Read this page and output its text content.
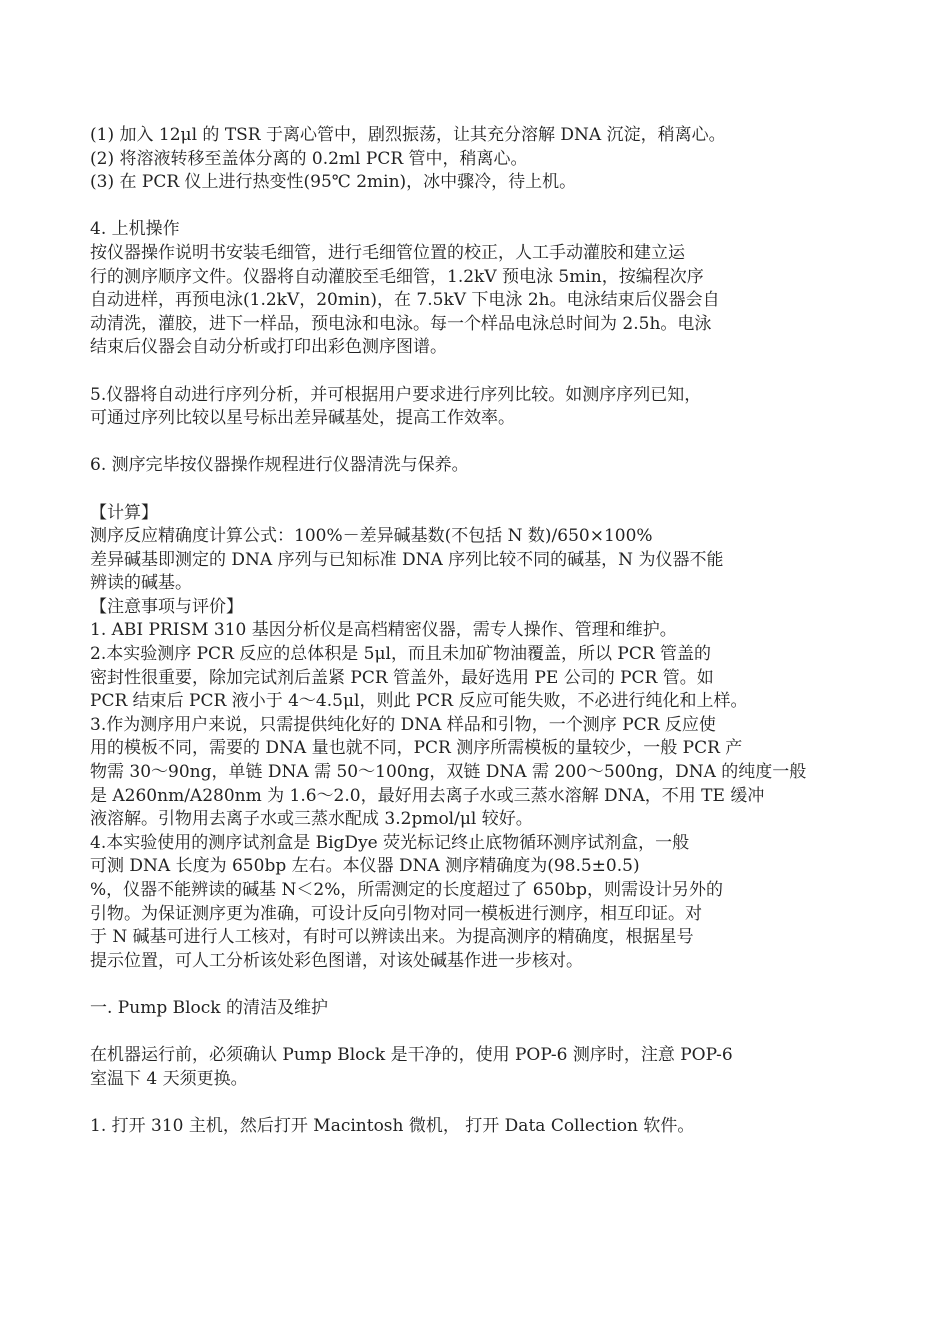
(1) 加入 12μl 的 TSR 于离心管中，剧烈振荡，让其充分溶解 DNA 沉淀，稍离心。
(2) 将溶液转移至盖体分离的 0.2ml PCR 管中，稍离心。
(3) 在 PCR 仪上进行热变性(95℃ 2min)，冰中骤冷，待上机。
4. 上机操作
按仪器操作说明书安装毛细管，进行毛细管位置的校正，人工手动灌胶和建立运
行的测序顺序文件。仪器将自动灌胶至毛细管，1.2kV 预电泳 5min，按编程次序
自动进样，再预电泳(1.2kV，20min)，在 7.5kV 下电泳 2h。电泳结束后仪器会自
动清洗，灌胶，进下一样品，预电泳和电泳。每一个样品电泳总时间为 2.5h。电泳
结束后仪器会自动分析或打印出彩色测序图谱。
5.仪器将自动进行序列分析，并可根据用户要求进行序列比较。如测序序列已知，
可通过序列比较以星号标出差异碱基处，提高工作效率。
6. 测序完毕按仪器操作规程进行仪器清洗与保养。
【计算】
测序反应精确度计算公式：100%－差异碱基数(不包括 N 数)/650×100%
差异碱基即测定的 DNA 序列与已知标准 DNA 序列比较不同的碱基，N 为仪器不能
辨读的碱基。
【注意事项与评价】
1. ABI PRISM 310 基因分析仪是高档精密仪器，需专人操作、管理和维护。
2.本实验测序 PCR 反应的总体积是 5μl，而且未加矿物油覆盖，所以 PCR 管盖的
密封性很重要，除加完试剂后盖紧 PCR 管盖外，最好选用 PE 公司的 PCR 管。如
PCR 结束后 PCR 液小于 4～4.5μl，则此 PCR 反应可能失败，不必进行纯化和上样。
3.作为测序用户来说，只需提供纯化好的 DNA 样品和引物，一个测序 PCR 反应使
用的模板不同，需要的 DNA 量也就不同，PCR 测序所需模板的量较少，一般 PCR 产
物需 30～90ng，单链 DNA 需 50～100ng，双链 DNA 需 200～500ng，DNA 的纯度一般
是 A260nm/A280nm 为 1.6～2.0，最好用去离子水或三蒸水溶解 DNA，不用 TE 缓冲
液溶解。引物用去离子水或三蒸水配成 3.2pmol/μl 较好。
4.本实验使用的测序试剂盒是 BigDye 荧光标记终止底物循环测序试剂盒，一般
可测 DNA 长度为 650bp 左右。本仪器 DNA 测序精确度为(98.5±0.5)
%，仪器不能辨读的碱基 N＜2%，所需测定的长度超过了 650bp，则需设计另外的
引物。为保证测序更为准确，可设计反向引物对同一模板进行测序，相互印证。对
于 N 碱基可进行人工核对，有时可以辨读出来。为提高测序的精确度，根据星号
提示位置，可人工分析该处彩色图谱，对该处碱基作进一步核对。
一. Pump Block 的清洁及维护
在机器运行前，必须确认 Pump Block 是干净的，使用 POP-6 测序时，注意 POP-6
室温下 4 天须更换。
1. 打开 310 主机，然后打开 Macintosh 微机， 打开 Data Collection 软件。
